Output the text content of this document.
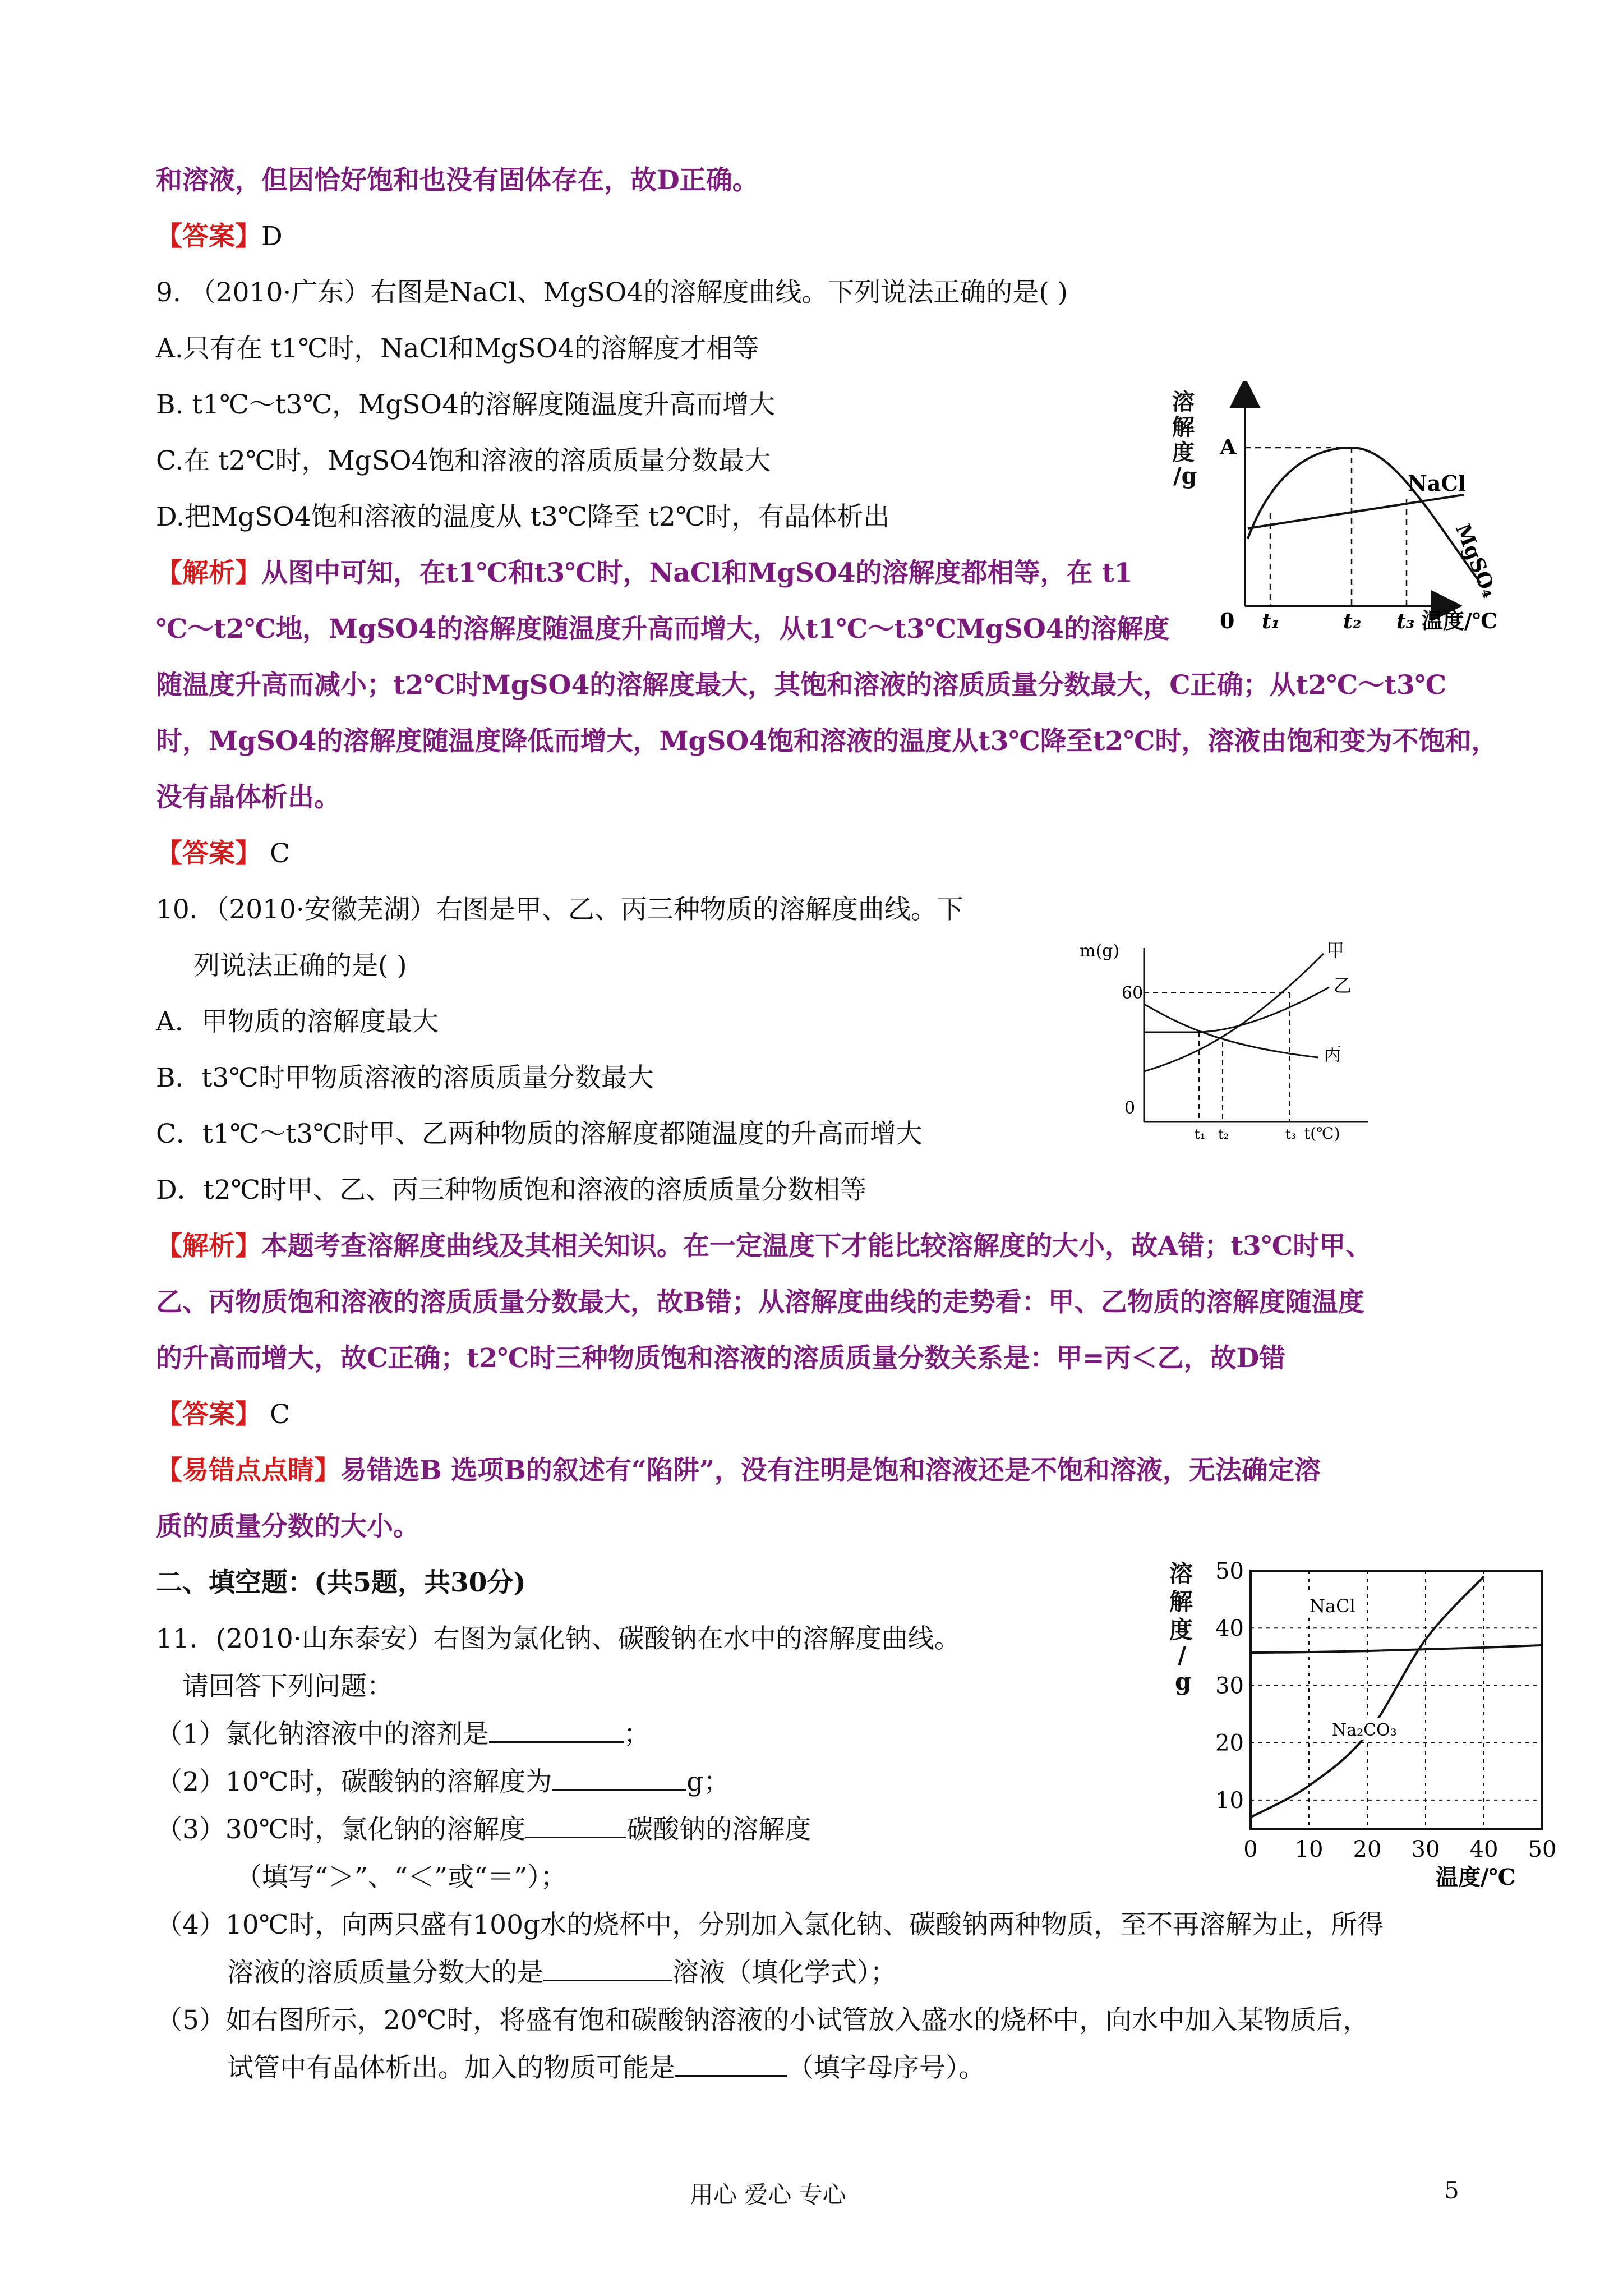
和溶液，但因恰好饱和也没有固体存在，故D正确。
【答案】D
9. （2010·广东）右图是NaCl、MgSO4的溶解度曲线。下列说法正确的是( )
A.只有在 t1℃时，NaCl和MgSO4的溶解度才相等
B. t1℃～t3℃，MgSO4的溶解度随温度升高而增大
C.在 t2℃时，MgSO4饱和溶液的溶质质量分数最大
D.把MgSO4饱和溶液的温度从 t3℃降至 t2℃时，有晶体析出
【解析】从图中可知，在t1℃和t3℃时，NaCl和MgSO4的溶解度都相等，在 t1
℃～t2℃地，MgSO4的溶解度随温度升高而增大，从t1℃～t3℃MgSO4的溶解度
随温度升高而减小；t2℃时MgSO4的溶解度最大，其饱和溶液的溶质质量分数最大，C正确；从t2℃～t3℃
时，MgSO4的溶解度随温度降低而增大，MgSO4饱和溶液的温度从t3℃降至t2℃时，溶液由饱和变为不饱和，
没有晶体析出。
【答案】 C
10．（2010·安徽芜湖）右图是甲、乙、丙三种物质的溶解度曲线。下
列说法正确的是( )
A．甲物质的溶解度最大
B．t3℃时甲物质溶液的溶质质量分数最大
C．t1℃～t3℃时甲、乙两种物质的溶解度都随温度的升高而增大
D．t2℃时甲、乙、丙三种物质饱和溶液的溶质质量分数相等
【解析】本题考查溶解度曲线及其相关知识。在一定温度下才能比较溶解度的大小，故A错；t3℃时甲、
乙、丙物质饱和溶液的溶质质量分数最大，故B错；从溶解度曲线的走势看：甲、乙物质的溶解度随温度
的升高而增大，故C正确；t2℃时三种物质饱和溶液的溶质质量分数关系是：甲=丙＜乙，故D错
【答案】 C
【易错点点睛】易错选B 选项B的叙述有“陷阱”，没有注明是饱和溶液还是不饱和溶液，无法确定溶
质的质量分数的大小。
二、填空题：(共5题，共30分)
11．(2010·山东泰安）右图为氯化钠、碳酸钠在水中的溶解度曲线。
请回答下列问题：
（1）氯化钠溶液中的溶剂是	；
（2）10℃时，碳酸钠的溶解度为	g；
（3）30℃时，氯化钠的溶解度	碳酸钠的溶解度
（填写“＞”、“＜”或“＝”）；
（4）10℃时，向两只盛有100g水的烧杯中，分别加入氯化钠、碳酸钠两种物质，至不再溶解为止，所得
溶液的溶质质量分数大的是	溶液（填化学式）；
（5）如右图所示，20℃时，将盛有饱和碳酸钠溶液的小试管放入盛水的烧杯中，向水中加入某物质后，
试管中有晶体析出。加入的物质可能是	（填字母序号）。
溶
解
度
/g
0
A
NaCl
MgSO₄
t₁	t₂ t₃ 温度/℃
m(g)
60
0
甲
乙
丙
t₁ t₂	t₃ t(℃)
溶
解
度
/
g
10
20
30
40
50
0 10 20 30 40 50
NaCl
Na₂CO₃
温度/℃
用心 爱心 专心	5
